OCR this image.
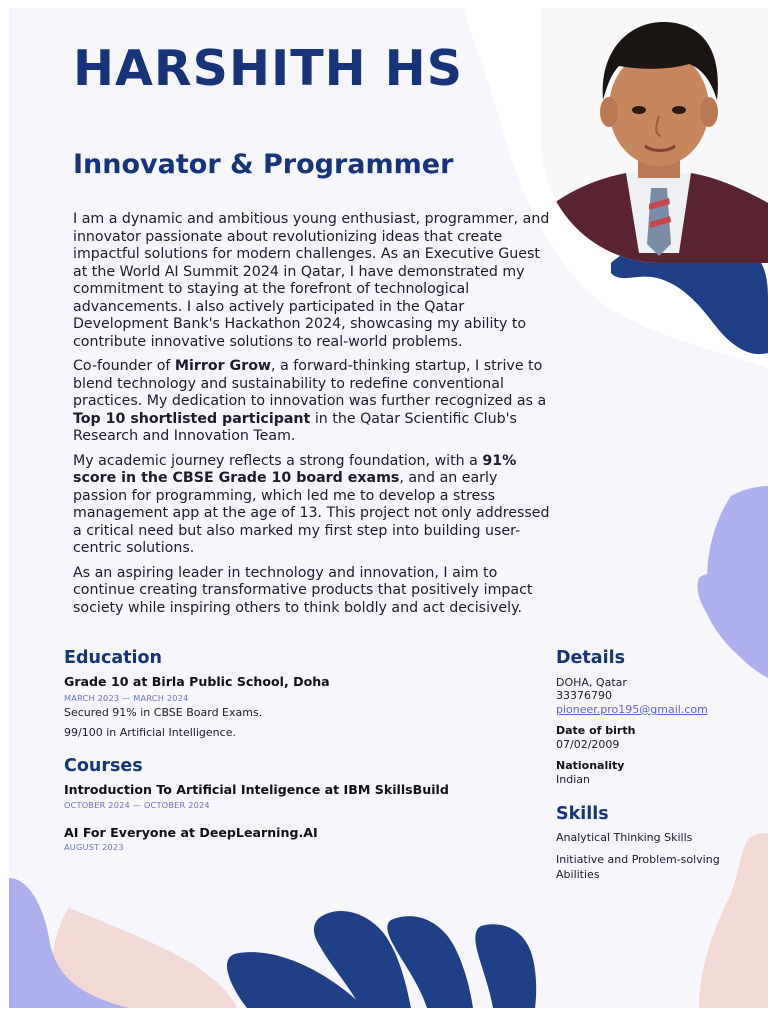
HARSHITH HS
Innovator & Programmer

I am a dynamic and ambitious young enthusiast, programmer, and innovator passionate about revolutionizing ideas that create impactful solutions for modern challenges. As an Executive Guest at the World AI Summit 2024 in Qatar, I have demonstrated my commitment to staying at the forefront of technological advancements. I also actively participated in the Qatar Development Bank's Hackathon 2024, showcasing my ability to contribute innovative solutions to real-world problems.

Co-founder of Mirror Grow, a forward-thinking startup, I strive to blend technology and sustainability to redefine conventional practices. My dedication to innovation was further recognized as a Top 10 shortlisted participant in the Qatar Scientific Club's Research and Innovation Team.

My academic journey reflects a strong foundation, with a 91% score in the CBSE Grade 10 board exams, and an early passion for programming, which led me to develop a stress management app at the age of 13. This project not only addressed a critical need but also marked my first step into building user-centric solutions.

As an aspiring leader in technology and innovation, I aim to continue creating transformative products that positively impact society while inspiring others to think boldly and act decisively.

Education

Grade 10 at Birla Public School, Doha

MARCH 2023 — MARCH 2024

Secured 91% in CBSE Board Exams.

99/100 in Artificial Intelligence.

Courses

Introduction To Artificial Inteligence at IBM SkillsBuild

OCTOBER 2024 — OCTOBER 2024

AI For Everyone at DeepLearning.AI

AUGUST 2023

Details

DOHA, Qatar

33376790

pioneer.pro195@gmail.com

Date of birth

07/02/2009

Nationality

Indian

Skills

Analytical Thinking Skills

Initiative and Problem-solving Abilities
